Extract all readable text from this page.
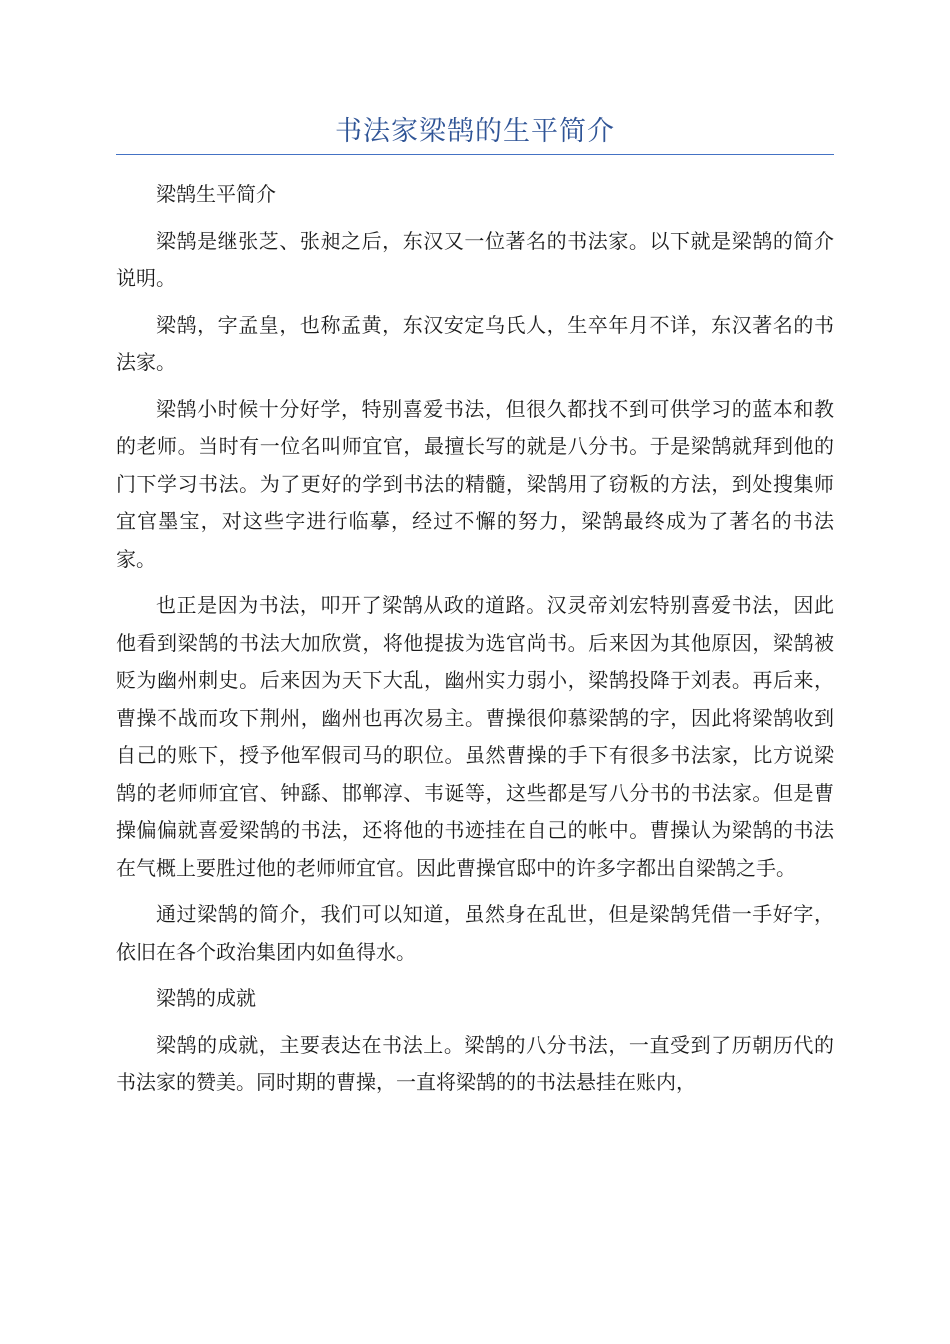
书法家梁鹄的生平简介

梁鹄生平简介

梁鹄是继张芝、张昶之后，东汉又一位著名的书法家。以下就是梁鹄的简介说明。

梁鹄，字孟皇，也称孟黄，东汉安定乌氏人，生卒年月不详，东汉著名的书法家。

梁鹄小时候十分好学，特别喜爱书法，但很久都找不到可供学习的蓝本和教的老师。当时有一位名叫师宜官，最擅长写的就是八分书。于是梁鹄就拜到他的门下学习书法。为了更好的学到书法的精髓，梁鹄用了窃粄的方法，到处搜集师宜官墨宝，对这些字进行临摹，经过不懈的努力，梁鹄最终成为了著名的书法家。

也正是因为书法，叩开了梁鹄从政的道路。汉灵帝刘宏特别喜爱书法，因此他看到梁鹄的书法大加欣赏，将他提拔为选官尚书。后来因为其他原因，梁鹄被贬为幽州刺史。后来因为天下大乱，幽州实力弱小，梁鹄投降于刘表。再后来，曹操不战而攻下荆州，幽州也再次易主。曹操很仰慕梁鹄的字，因此将梁鹄收到自己的账下，授予他军假司马的职位。虽然曹操的手下有很多书法家，比方说梁鹄的老师师宜官、钟繇、邯郸淳、韦诞等，这些都是写八分书的书法家。但是曹操偏偏就喜爱梁鹄的书法，还将他的书迹挂在自己的帐中。曹操认为梁鹄的书法在气概上要胜过他的老师师宜官。因此曹操官邸中的许多字都出自梁鹄之手。

通过梁鹄的简介，我们可以知道，虽然身在乱世，但是梁鹄凭借一手好字，依旧在各个政治集团内如鱼得水。

梁鹄的成就

梁鹄的成就，主要表达在书法上。梁鹄的八分书法，一直受到了历朝历代的书法家的赞美。同时期的曹操，一直将梁鹄的的书法悬挂在账内，
